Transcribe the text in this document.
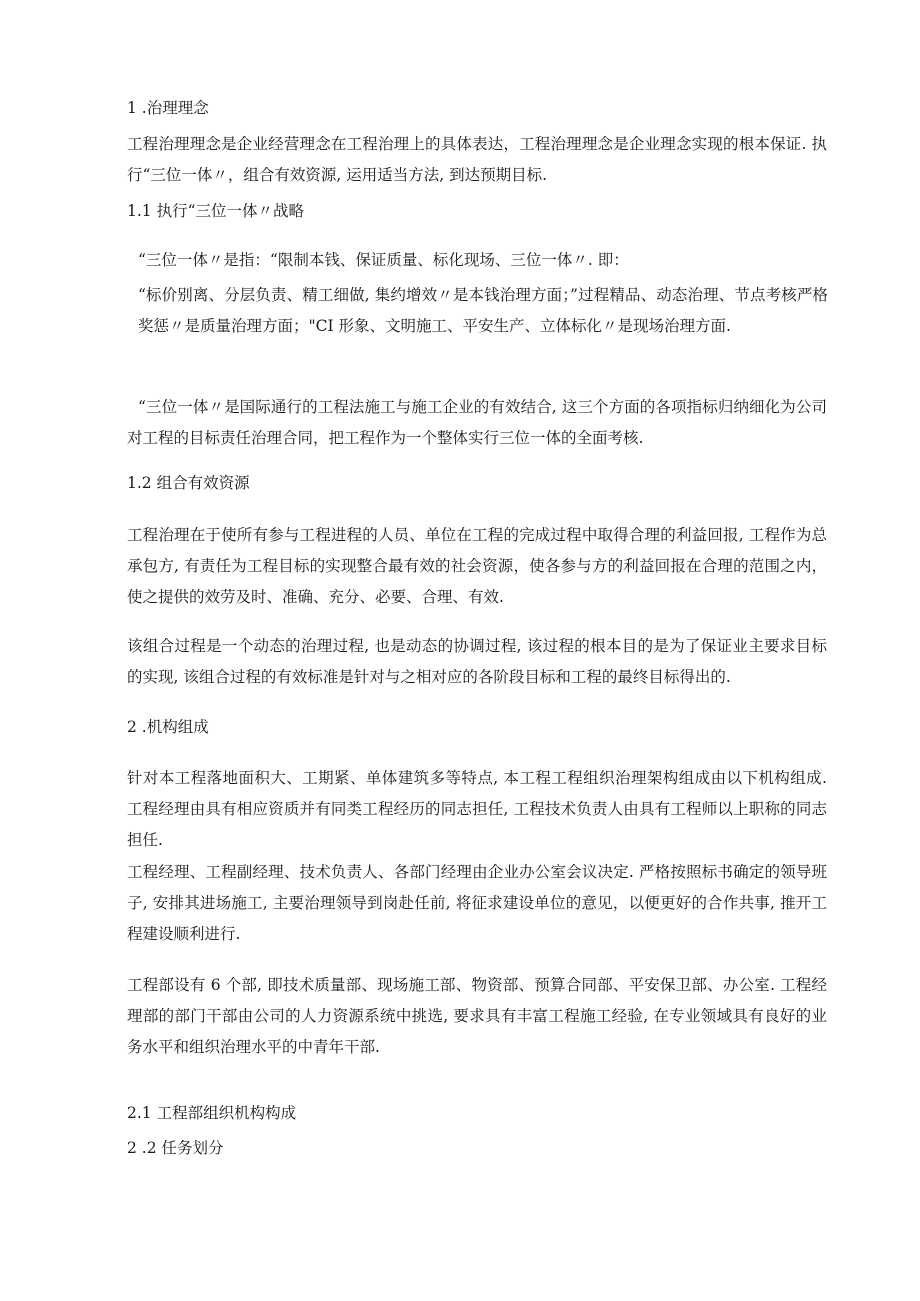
1 .治理理念
工程治理理念是企业经营理念在工程治理上的具体表达，工程治理理念是企业理念实现的根本保证. 执行“三位一体〃，组合有效资源, 运用适当方法, 到达预期目标.
1.1 执行“三位一体〃战略
“三位一体〃是指：“限制本钱、保证质量、标化现场、三位一体〃. 即：
“标价别离、分层负责、精工细做, 集约增效〃是本钱治理方面；”过程精品、动态治理、节点考核严格奖惩〃是质量治理方面；"CI 形象、文明施工、平安生产、立体标化〃是现场治理方面.
“三位一体〃是国际通行的工程法施工与施工企业的有效结合, 这三个方面的各项指标归纳细化为公司对工程的目标责任治理合同，把工程作为一个整体实行三位一体的全面考核.
1.2 组合有效资源
工程治理在于使所有参与工程进程的人员、单位在工程的完成过程中取得合理的利益回报, 工程作为总承包方, 有责任为工程目标的实现整合最有效的社会资源，使各参与方的利益回报在合理的范围之内，使之提供的效劳及时、准确、充分、必要、合理、有效.
该组合过程是一个动态的治理过程, 也是动态的协调过程, 该过程的根本目的是为了保证业主要求目标的实现, 该组合过程的有效标准是针对与之相对应的各阶段目标和工程的最终目标得出的.
2 .机构组成
针对本工程落地面积大、工期紧、单体建筑多等特点, 本工程工程组织治理架构组成由以下机构组成. 工程经理由具有相应资质并有同类工程经历的同志担任, 工程技术负责人由具有工程师以上职称的同志担任.
工程经理、工程副经理、技术负责人、各部门经理由企业办公室会议决定. 严格按照标书确定的领导班子, 安排其进场施工, 主要治理领导到岗赴任前, 将征求建设单位的意见，以便更好的合作共事, 推开工程建设顺利进行.
工程部设有 6 个部, 即技术质量部、现场施工部、物资部、预算合同部、平安保卫部、办公室. 工程经理部的部门干部由公司的人力资源系统中挑选, 要求具有丰富工程施工经验, 在专业领域具有良好的业务水平和组织治理水平的中青年干部.
2.1 工程部组织机构构成
2 .2 任务划分
